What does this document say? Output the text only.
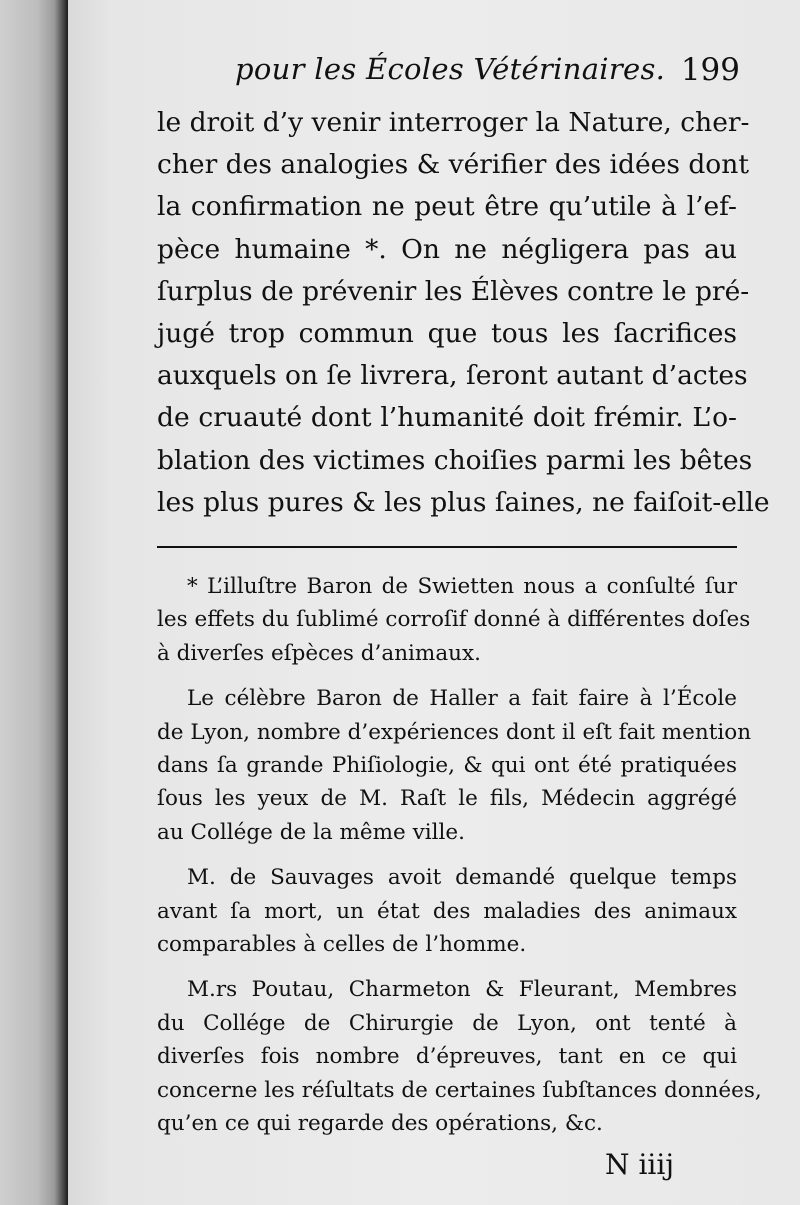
pour les Écoles Vétérinaires. 199
le droit d’y venir interroger la Nature, cher-
cher des analogies & vérifier des idées dont
la confirmation ne peut être qu’utile à l’ef-
pèce humaine *. On ne négligera pas au
ſurplus de prévenir les Élèves contre le pré-
jugé trop commun que tous les ſacrifices
auxquels on ſe livrera, ſeront autant d’actes
de cruauté dont l’humanité doit frémir. L’o-
blation des victimes choiſies parmi les bêtes
les plus pures & les plus ſaines, ne faiſoit-elle
* L’illuſtre Baron de Swietten nous a conſulté ſur
les effets du ſublimé corroſif donné à différentes doſes
à diverſes eſpèces d’animaux.
Le célèbre Baron de Haller a fait faire à l’École
de Lyon, nombre d’expériences dont il eſt fait mention
dans ſa grande Phiſiologie, & qui ont été pratiquées
ſous les yeux de M. Raſt le fils, Médecin aggrégé
au Collége de la même ville.
M. de Sauvages avoit demandé quelque temps
avant ſa mort, un état des maladies des animaux
comparables à celles de l’homme.
M.rs Poutau, Charmeton & Fleurant, Membres
du Collége de Chirurgie de Lyon, ont tenté à
diverſes fois nombre d’épreuves, tant en ce qui
concerne les réſultats de certaines ſubſtances données,
qu’en ce qui regarde des opérations, &c.
N iiij
